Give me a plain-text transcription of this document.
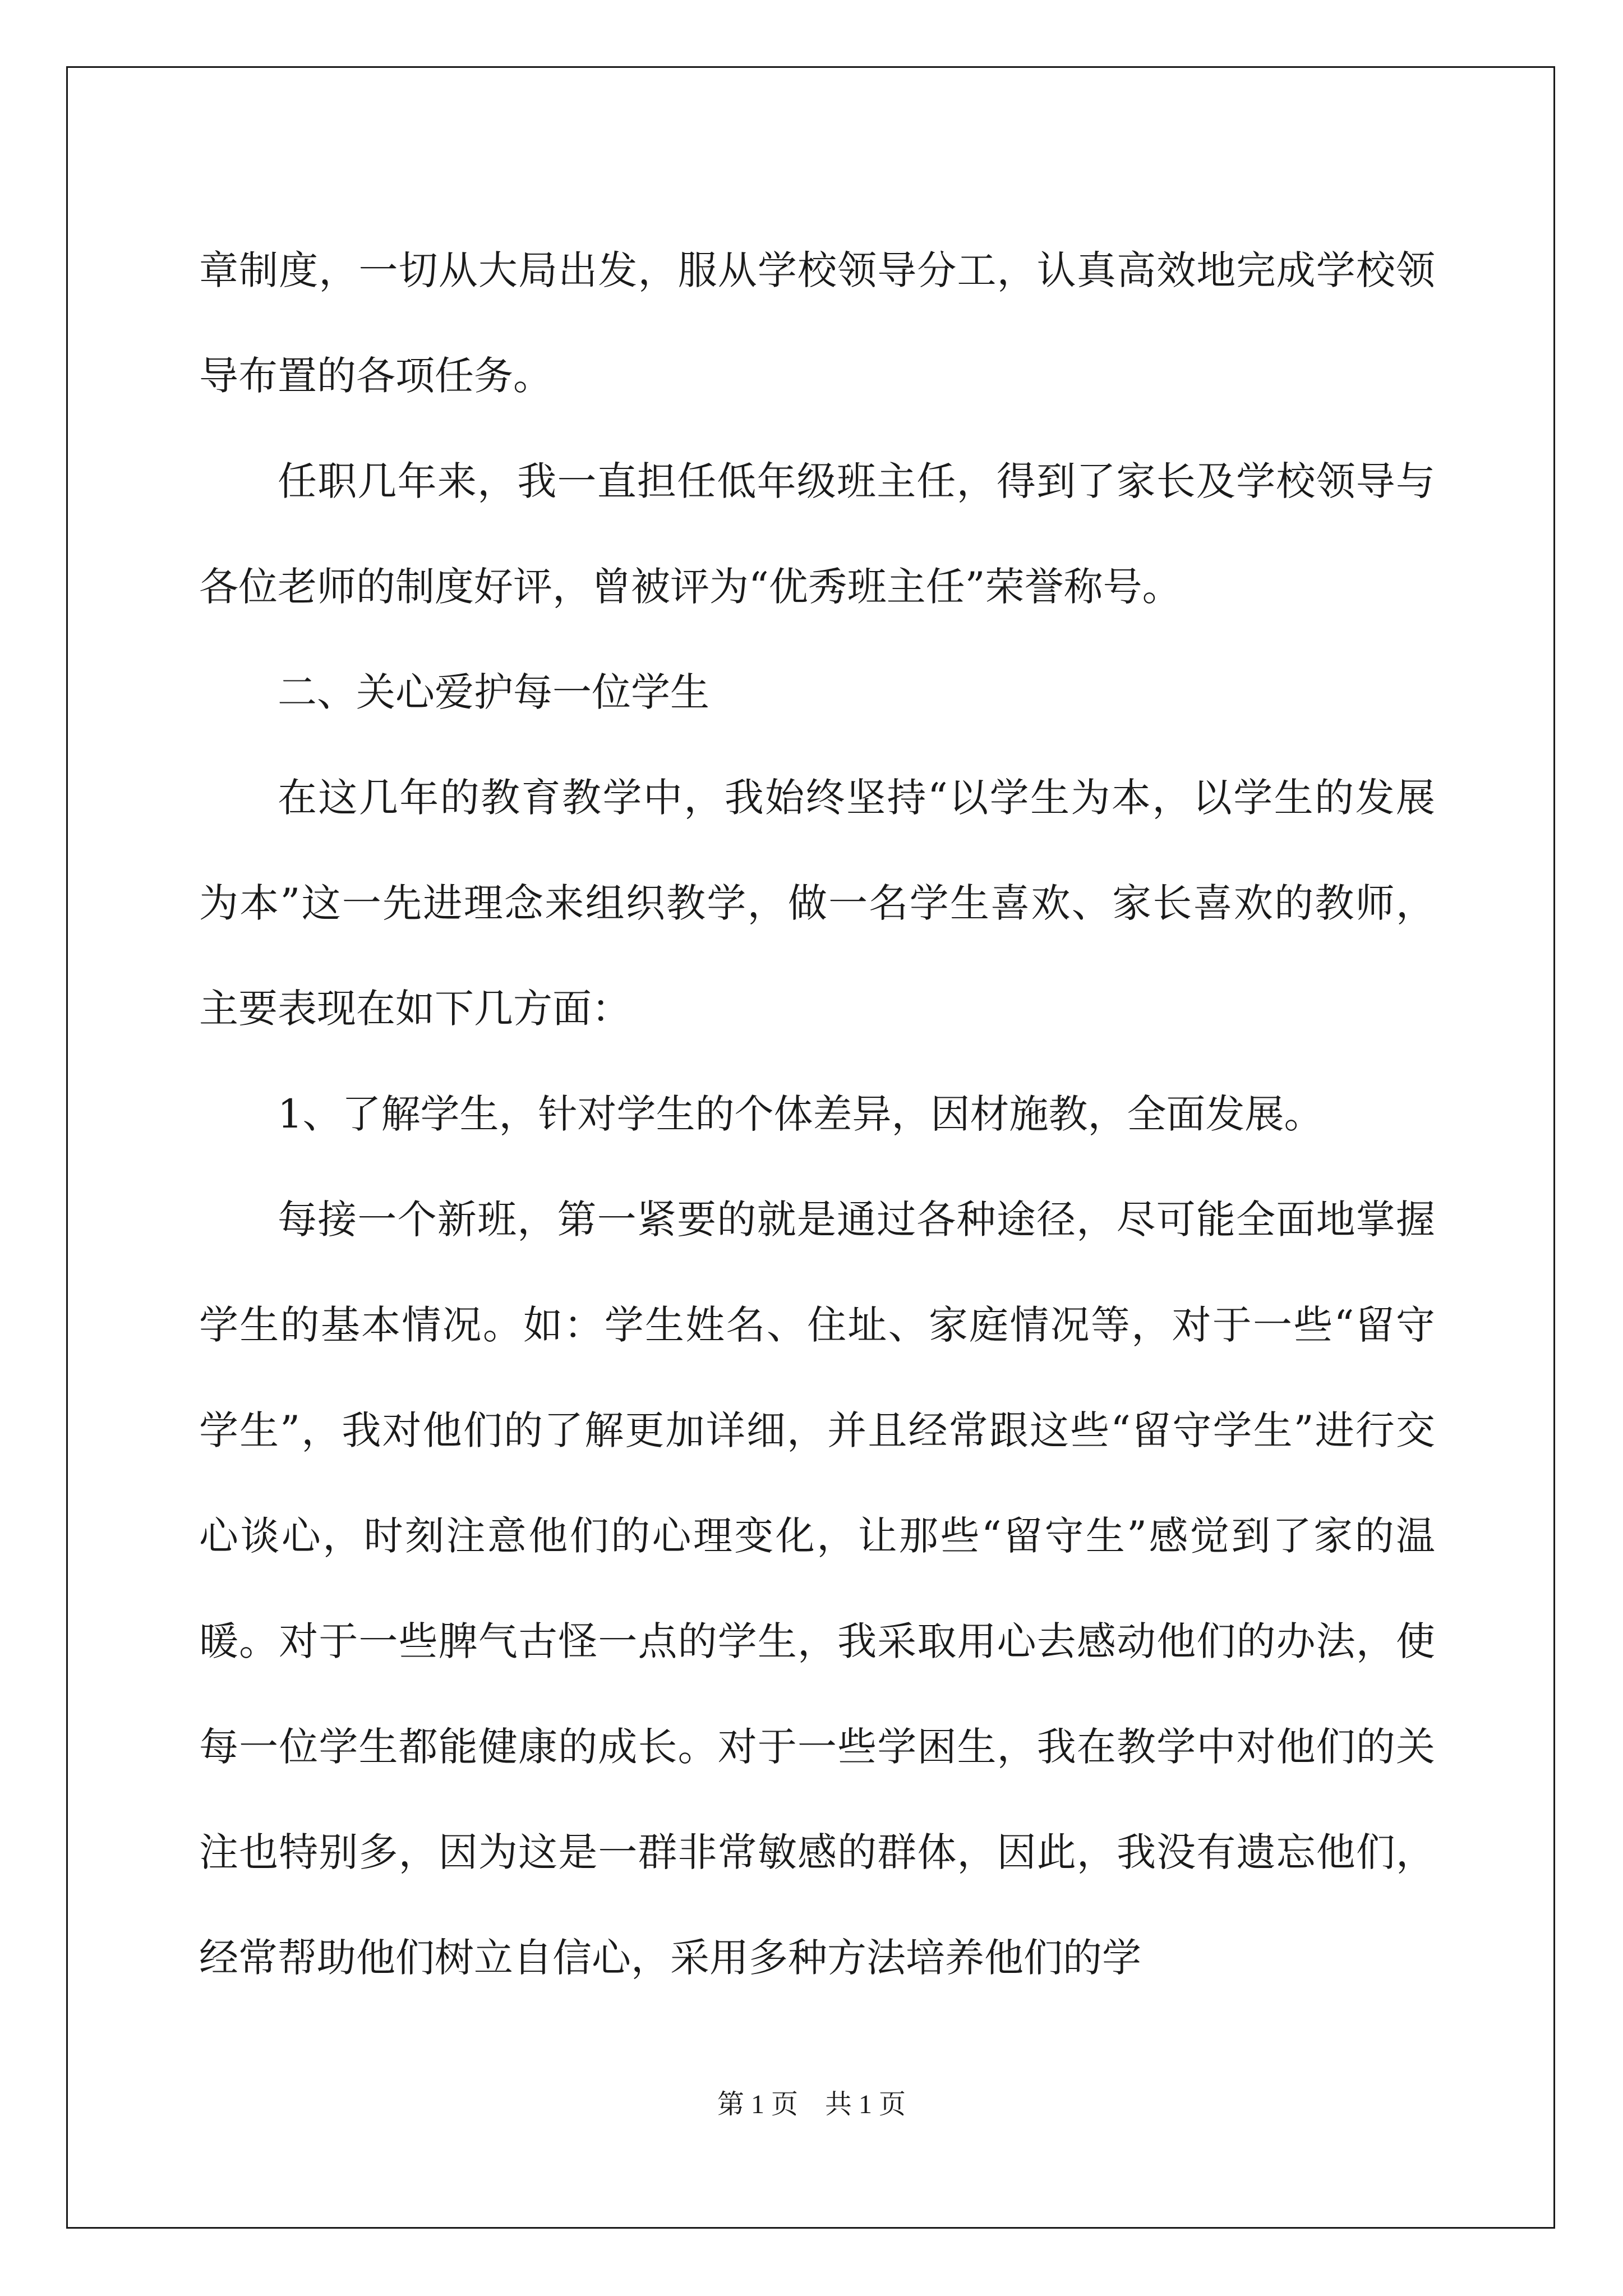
章制度，一切从大局出发，服从学校领导分工，认真高效地完成学校领导布置的各项任务。

任职几年来，我一直担任低年级班主任，得到了家长及学校领导与各位老师的制度好评，曾被评为“优秀班主任”荣誉称号。

二、关心爱护每一位学生

在这几年的教育教学中，我始终坚持“以学生为本，以学生的发展为本”这一先进理念来组织教学，做一名学生喜欢、家长喜欢的教师，主要表现在如下几方面：

1、了解学生，针对学生的个体差异，因材施教，全面发展。

每接一个新班，第一紧要的就是通过各种途径，尽可能全面地掌握学生的基本情况。如：学生姓名、住址、家庭情况等，对于一些“留守学生”，我对他们的了解更加详细，并且经常跟这些“留守学生”进行交心谈心，时刻注意他们的心理变化，让那些“留守生”感觉到了家的温暖。对于一些脾气古怪一点的学生，我采取用心去感动他们的办法，使每一位学生都能健康的成长。对于一些学困生，我在教学中对他们的关注也特别多，因为这是一群非常敏感的群体，因此，我没有遗忘他们，经常帮助他们树立自信心，采用多种方法培养他们的学

第 1 页    共 1 页
